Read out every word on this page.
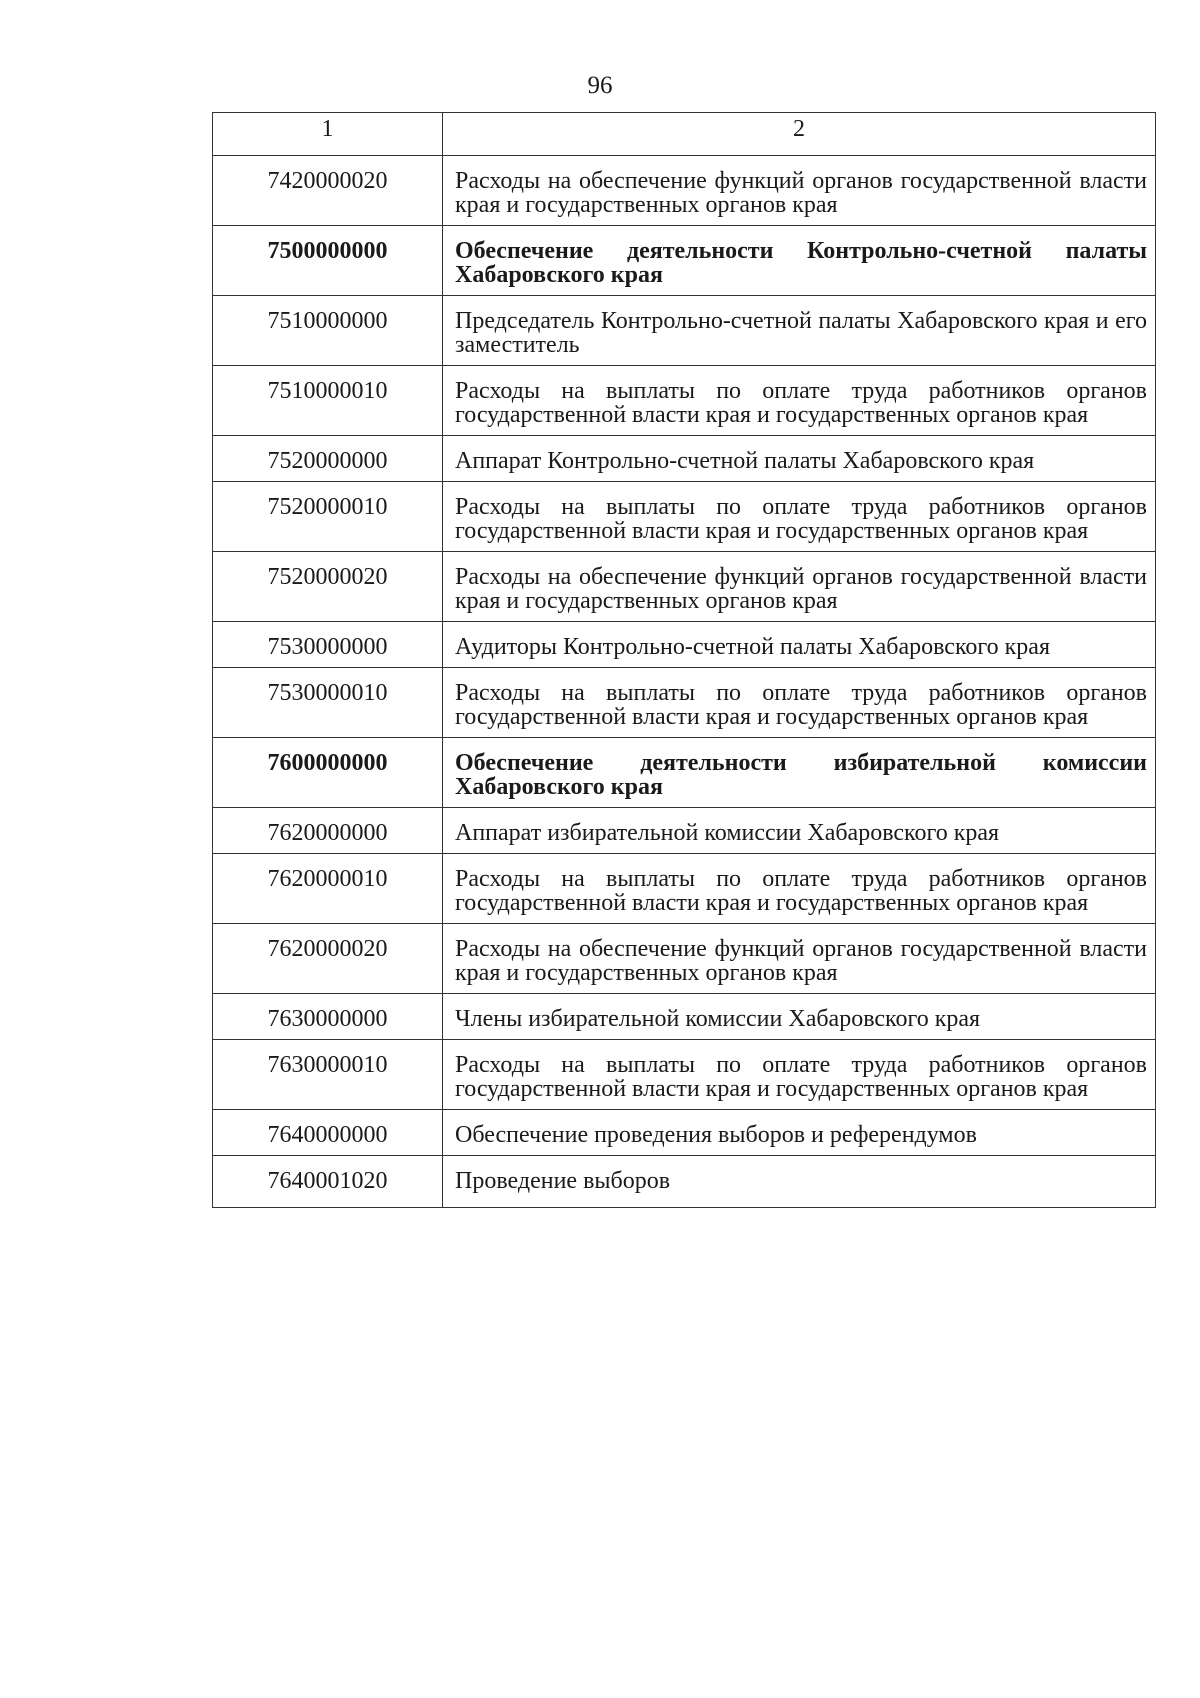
96
1	2
7420000020	Расходы на обеспечение функций органов государственной власти края и государственных органов края
7500000000	Обеспечение деятельности Контрольно-счетной палаты Хабаровского края
7510000000	Председатель Контрольно-счетной палаты Хабаровского края и его заместитель
7510000010	Расходы на выплаты по оплате труда работников органов государственной власти края и государственных органов края
7520000000	Аппарат Контрольно-счетной палаты Хабаровского края
7520000010	Расходы на выплаты по оплате труда работников органов государственной власти края и государственных органов края
7520000020	Расходы на обеспечение функций органов государственной власти края и государственных органов края
7530000000	Аудиторы Контрольно-счетной палаты Хабаровского края
7530000010	Расходы на выплаты по оплате труда работников органов государственной власти края и государственных органов края
7600000000	Обеспечение деятельности избирательной комиссии Хабаровского края
7620000000	Аппарат избирательной комиссии Хабаровского края
7620000010	Расходы на выплаты по оплате труда работников органов государственной власти края и государственных органов края
7620000020	Расходы на обеспечение функций органов государственной власти края и государственных органов края
7630000000	Члены избирательной комиссии Хабаровского края
7630000010	Расходы на выплаты по оплате труда работников органов государственной власти края и государственных органов края
7640000000	Обеспечение проведения выборов и референдумов
7640001020	Проведение выборов
